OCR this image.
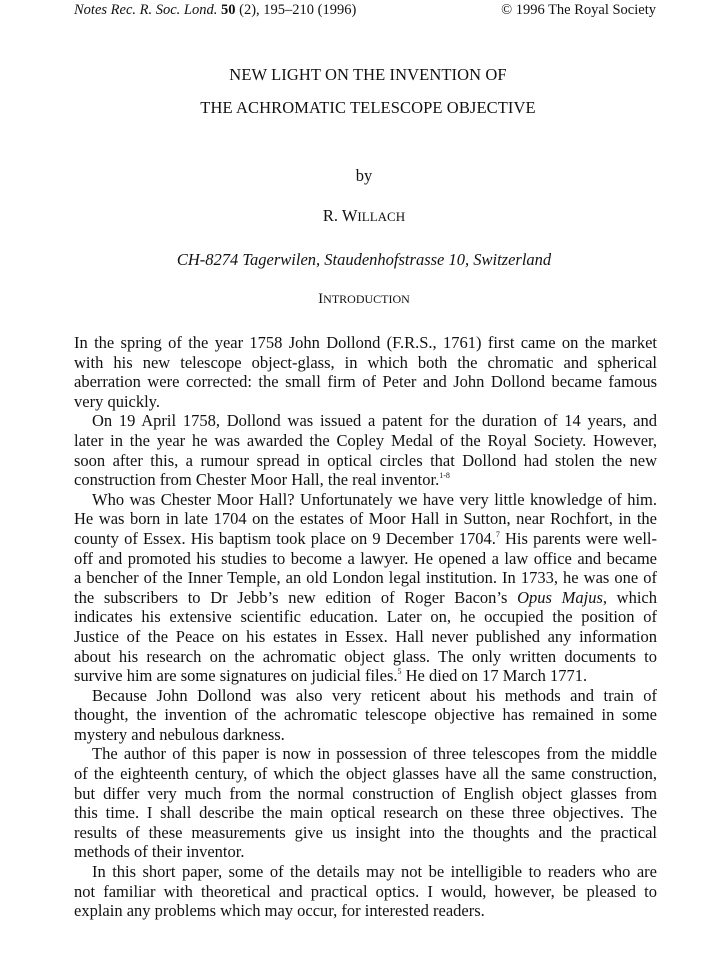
Notes Rec. R. Soc. Lond. 50 (2), 195–210 (1996)	© 1996 The Royal Society
NEW LIGHT ON THE INVENTION OF
THE ACHROMATIC TELESCOPE OBJECTIVE
by
R. WILLACH
CH-8274 Tagerwilen, Staudenhofstrasse 10, Switzerland
INTRODUCTION
In the spring of the year 1758 John Dollond (F.R.S., 1761) first came on the market
with his new telescope object-glass, in which both the chromatic and spherical
aberration were corrected: the small firm of Peter and John Dollond became famous
very quickly.
On 19 April 1758, Dollond was issued a patent for the duration of 14 years, and
later in the year he was awarded the Copley Medal of the Royal Society. However,
soon after this, a rumour spread in optical circles that Dollond had stolen the new
construction from Chester Moor Hall, the real inventor.$^{1-8}$
Who was Chester Moor Hall? Unfortunately we have very little knowledge of him.
He was born in late 1704 on the estates of Moor Hall in Sutton, near Rochfort, in the
county of Essex. His baptism took place on 9 December 1704.$^7$ His parents were well-
off and promoted his studies to become a lawyer. He opened a law office and became
a bencher of the Inner Temple, an old London legal institution. In 1733, he was one of
the subscribers to Dr Jebb’s new edition of Roger Bacon’s Opus Majus, which
indicates his extensive scientific education. Later on, he occupied the position of
Justice of the Peace on his estates in Essex. Hall never published any information
about his research on the achromatic object glass. The only written documents to
survive him are some signatures on judicial files.$^5$ He died on 17 March 1771.
Because John Dollond was also very reticent about his methods and train of
thought, the invention of the achromatic telescope objective has remained in some
mystery and nebulous darkness.
The author of this paper is now in possession of three telescopes from the middle
of the eighteenth century, of which the object glasses have all the same construction,
but differ very much from the normal construction of English object glasses from
this time. I shall describe the main optical research on these three objectives. The
results of these measurements give us insight into the thoughts and the practical
methods of their inventor.
In this short paper, some of the details may not be intelligible to readers who are
not familiar with theoretical and practical optics. I would, however, be pleased to
explain any problems which may occur, for interested readers.
